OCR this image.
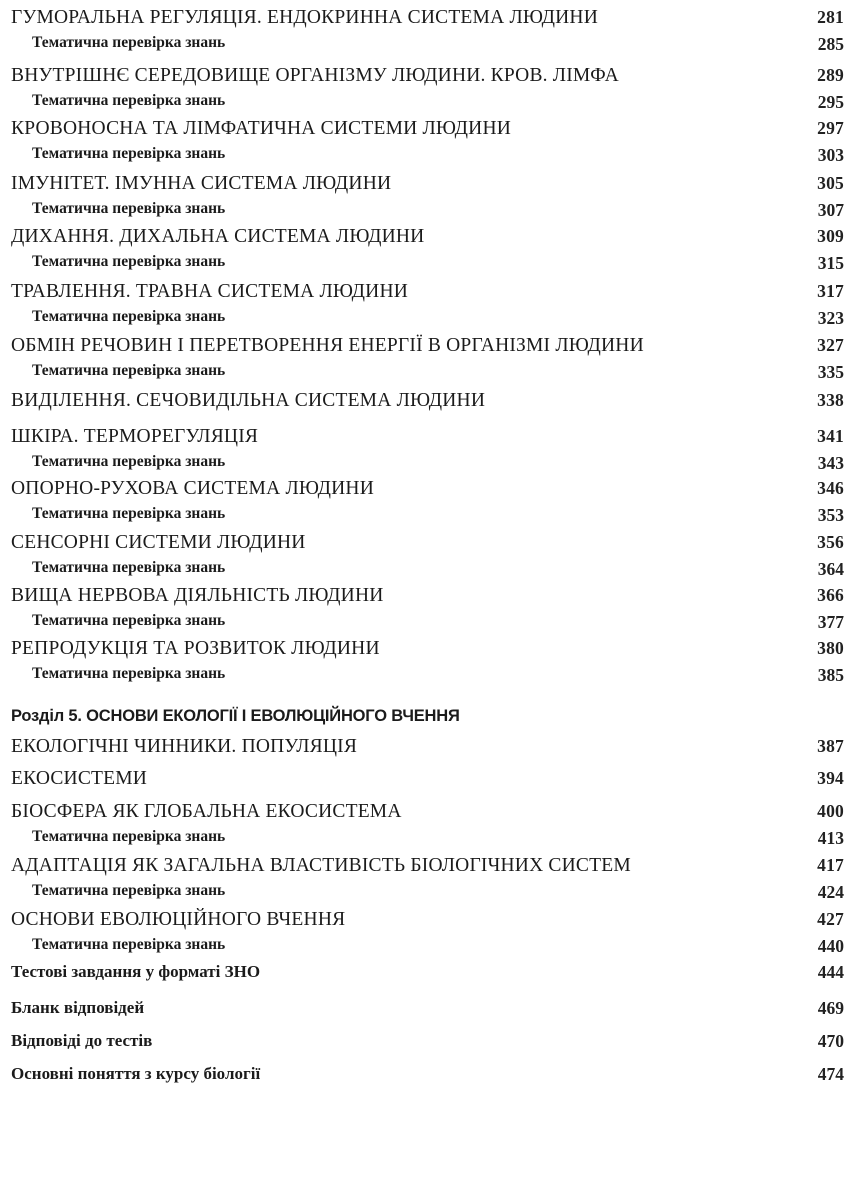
ГУМОРАЛЬНА РЕГУЛЯЦІЯ. ЕНДОКРИННА СИСТЕМА ЛЮДИНИ	281
Тематична перевірка знань	285
ВНУТРІШНЄ СЕРЕДОВИЩЕ ОРГАНІЗМУ ЛЮДИНИ. КРОВ. ЛІМФА	289
Тематична перевірка знань	295
КРОВОНОСНА ТА ЛІМФАТИЧНА СИСТЕМИ ЛЮДИНИ	297
Тематична перевірка знань	303
ІМУНІТЕТ. ІМУННА СИСТЕМА ЛЮДИНИ	305
Тематична перевірка знань	307
ДИХАННЯ. ДИХАЛЬНА СИСТЕМА ЛЮДИНИ	309
Тематична перевірка знань	315
ТРАВЛЕННЯ. ТРАВНА СИСТЕМА ЛЮДИНИ	317
Тематична перевірка знань	323
ОБМІН РЕЧОВИН І ПЕРЕТВОРЕННЯ ЕНЕРГІЇ В ОРГАНІЗМІ ЛЮДИНИ	327
Тематична перевірка знань	335
ВИДІЛЕННЯ. СЕЧОВИДІЛЬНА СИСТЕМА ЛЮДИНИ	338
ШКІРА. ТЕРМОРЕГУЛЯЦІЯ	341
Тематична перевірка знань	343
ОПОРНО-РУХОВА СИСТЕМА ЛЮДИНИ	346
Тематична перевірка знань	353
СЕНСОРНІ СИСТЕМИ ЛЮДИНИ	356
Тематична перевірка знань	364
ВИЩА НЕРВОВА ДІЯЛЬНІСТЬ ЛЮДИНИ	366
Тематична перевірка знань	377
РЕПРОДУКЦІЯ ТА РОЗВИТОК ЛЮДИНИ	380
Тематична перевірка знань	385
Розділ 5. ОСНОВИ ЕКОЛОГІЇ І ЕВОЛЮЦІЙНОГО ВЧЕННЯ
ЕКОЛОГІЧНІ ЧИННИКИ. ПОПУЛЯЦІЯ	387
ЕКОСИСТЕМИ	394
БІОСФЕРА ЯК ГЛОБАЛЬНА ЕКОСИСТЕМА	400
Тематична перевірка знань	413
АДАПТАЦІЯ ЯК ЗАГАЛЬНА ВЛАСТИВІСТЬ БІОЛОГІЧНИХ СИСТЕМ	417
Тематична перевірка знань	424
ОСНОВИ ЕВОЛЮЦІЙНОГО ВЧЕННЯ	427
Тематична перевірка знань	440
Тестові завдання у форматі ЗНО	444
Бланк відповідей	469
Відповіді до тестів	470
Основні поняття з курсу біології	474
